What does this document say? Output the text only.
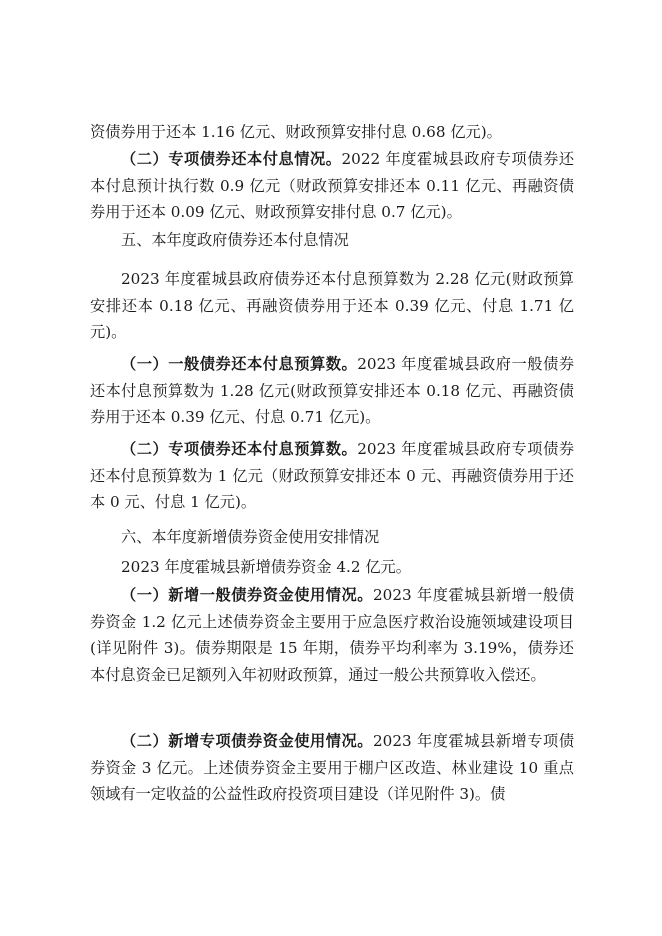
资债券用于还本 1.16 亿元、财政预算安排付息 0.68 亿元)。

（二）专项债券还本付息情况。2022 年度霍城县政府专项债券还本付息预计执行数 0.9 亿元（财政预算安排还本 0.11 亿元、再融资债券用于还本 0.09 亿元、财政预算安排付息 0.7 亿元)。

五、本年度政府债券还本付息情况

2023 年度霍城县政府债券还本付息预算数为 2.28 亿元(财政预算安排还本 0.18 亿元、再融资债券用于还本 0.39 亿元、付息 1.71 亿元)。

（一）一般债券还本付息预算数。2023 年度霍城县政府一般债券还本付息预算数为 1.28 亿元(财政预算安排还本 0.18 亿元、再融资债券用于还本 0.39 亿元、付息 0.71 亿元)。

（二）专项债券还本付息预算数。2023 年度霍城县政府专项债券还本付息预算数为 1 亿元（财政预算安排还本 0 元、再融资债券用于还本 0 元、付息 1 亿元)。

六、本年度新增债券资金使用安排情况

2023 年度霍城县新增债券资金 4.2 亿元。

（一）新增一般债券资金使用情况。2023 年度霍城县新增一般债券资金 1.2 亿元上述债券资金主要用于应急医疗救治设施领域建设项目(详见附件 3)。债券期限是 15 年期，债券平均利率为 3.19%，债券还本付息资金已足额列入年初财政预算，通过一般公共预算收入偿还。

（二）新增专项债券资金使用情况。2023 年度霍城县新增专项债券资金 3 亿元。上述债券资金主要用于棚户区改造、林业建设 10 重点领域有一定收益的公益性政府投资项目建设（详见附件 3)。债
